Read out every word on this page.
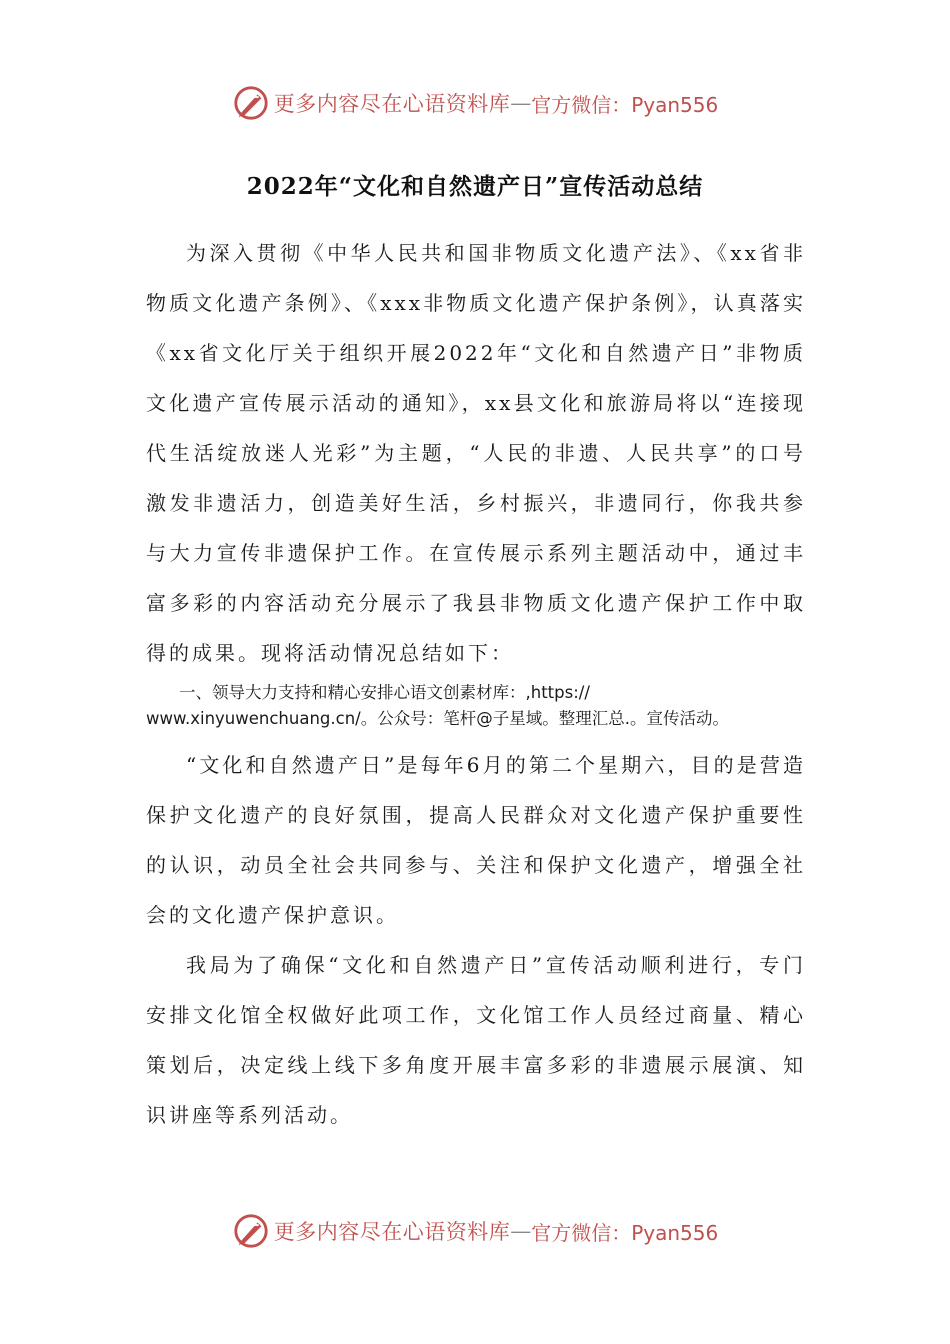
更多内容尽在心语资料库 — 官方微信：Pyan556
2022年“文化和自然遗产日”宣传活动总结

为深入贯彻《中华人民共和国非物质文化遗产法》、《xx省非物质文化遗产条例》、《xxx非物质文化遗产保护条例》，认真落实《xx省文化厅关于组织开展2022年“文化和自然遗产日”非物质文化遗产宣传展示活动的通知》，xx县文化和旅游局将以“连接现代生活绽放迷人光彩”为主题，“人民的非遗、人民共享”的口号激发非遗活力，创造美好生活，乡村振兴，非遗同行，你我共参与大力宣传非遗保护工作。在宣传展示系列主题活动中，通过丰富多彩的内容活动充分展示了我县非物质文化遗产保护工作中取得的成果。现将活动情况总结如下：

一、领导大力支持和精心安排心语文创素材库：,https://
www.xinyuwenchuang.cn/。公众号：笔杆@子星域。整理汇总.。宣传活动。

“文化和自然遗产日”是每年6月的第二个星期六，目的是营造保护文化遗产的良好氛围，提高人民群众对文化遗产保护重要性的认识，动员全社会共同参与、关注和保护文化遗产，增强全社会的文化遗产保护意识。

我局为了确保“文化和自然遗产日”宣传活动顺利进行，专门安排文化馆全权做好此项工作，文化馆工作人员经过商量、精心策划后，决定线上线下多角度开展丰富多彩的非遗展示展演、知识讲座等系列活动。

更多内容尽在心语资料库 — 官方微信：Pyan556
